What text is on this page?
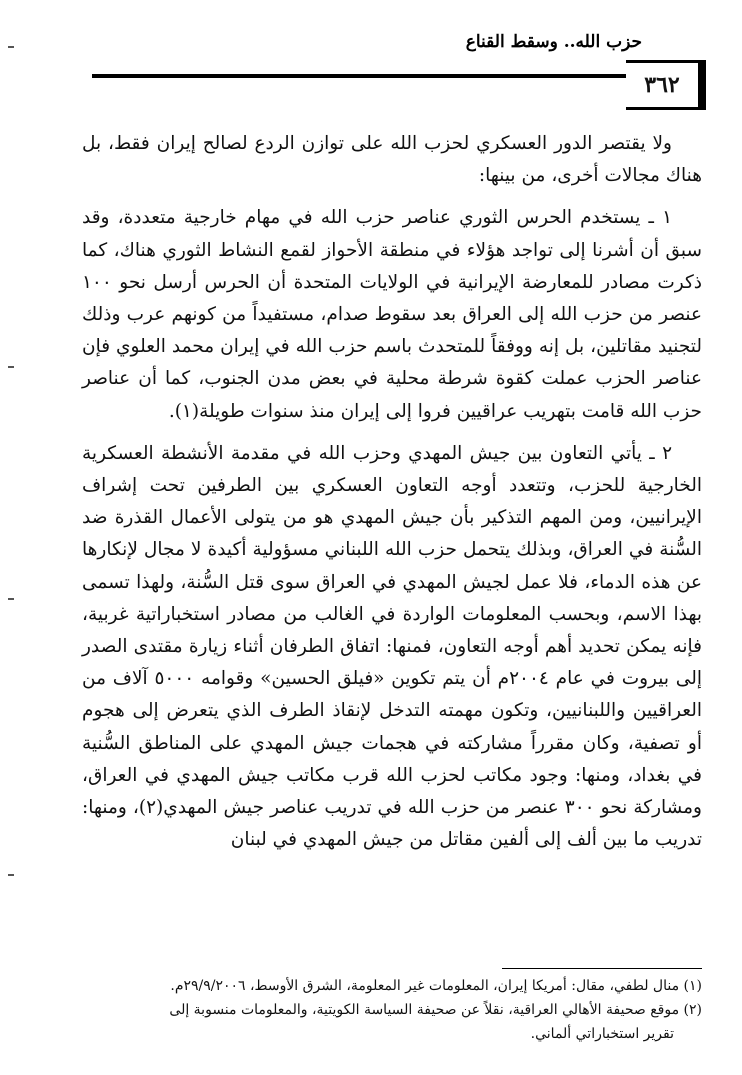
حزب الله.. وسقط القناع
٣٦٢

ولا يقتصر الدور العسكري لحزب الله على توازن الردع لصالح إيران فقط، بل هناك مجالات أخرى، من بينها:

١ ـ يستخدم الحرس الثوري عناصر حزب الله في مهام خارجية متعددة، وقد سبق أن أشرنا إلى تواجد هؤلاء في منطقة الأحواز لقمع النشاط الثوري هناك، كما ذكرت مصادر للمعارضة الإيرانية في الولايات المتحدة أن الحرس أرسل نحو ١٠٠ عنصر من حزب الله إلى العراق بعد سقوط صدام، مستفيداً من كونهم عرب وذلك لتجنيد مقاتلين، بل إنه ووفقاً للمتحدث باسم حزب الله في إيران محمد العلوي فإن عناصر الحزب عملت كقوة شرطة محلية في بعض مدن الجنوب، كما أن عناصر حزب الله قامت بتهريب عراقيين فروا إلى إيران منذ سنوات طويلة(١).

٢ ـ يأتي التعاون بين جيش المهدي وحزب الله في مقدمة الأنشطة العسكرية الخارجية للحزب، وتتعدد أوجه التعاون العسكري بين الطرفين تحت إشراف الإيرانيين، ومن المهم التذكير بأن جيش المهدي هو من يتولى الأعمال القذرة ضد السُّنة في العراق، وبذلك يتحمل حزب الله اللبناني مسؤولية أكيدة لا مجال لإنكارها عن هذه الدماء، فلا عمل لجيش المهدي في العراق سوى قتل السُّنة، ولهذا تسمى بهذا الاسم، وبحسب المعلومات الواردة في الغالب من مصادر استخباراتية غربية، فإنه يمكن تحديد أهم أوجه التعاون، فمنها: اتفاق الطرفان أثناء زيارة مقتدى الصدر إلى بيروت في عام ٢٠٠٤م أن يتم تكوين «فيلق الحسين» وقوامه ٥٠٠٠ آلاف من العراقيين واللبنانيين، وتكون مهمته التدخل لإنقاذ الطرف الذي يتعرض إلى هجوم أو تصفية، وكان مقرراً مشاركته في هجمات جيش المهدي على المناطق السُّنية في بغداد، ومنها: وجود مكاتب لحزب الله قرب مكاتب جيش المهدي في العراق، ومشاركة نحو ٣٠٠ عنصر من حزب الله في تدريب عناصر جيش المهدي(٢)، ومنها: تدريب ما بين ألف إلى ألفين مقاتل من جيش المهدي في لبنان

(١) منال لطفي، مقال: أمريكا إيران، المعلومات غير المعلومة، الشرق الأوسط، ٢٩/٩/٢٠٠٦م.

(٢) موقع صحيفة الأهالي العراقية، نقلاً عن صحيفة السياسة الكويتية، والمعلومات منسوبة إلى

تقرير استخباراتي ألماني.
